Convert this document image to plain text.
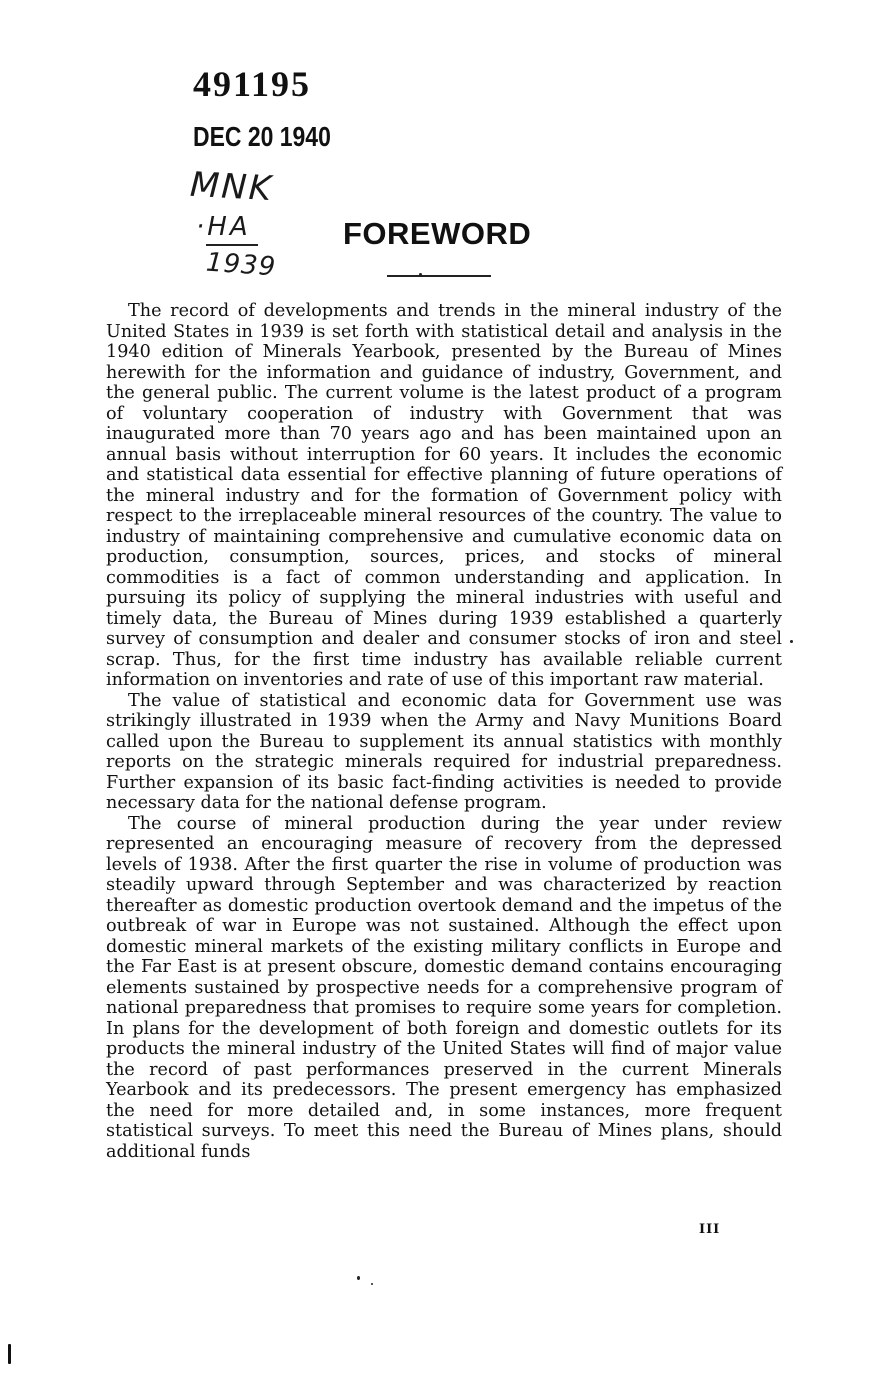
491195
DEC 20 1940
MNK
·HA
1939
FOREWORD

The record of developments and trends in the mineral industry of the United States in 1939 is set forth with statistical detail and analysis in the 1940 edition of Minerals Yearbook, presented by the Bureau of Mines herewith for the information and guidance of industry, Government, and the general public. The current volume is the latest product of a program of voluntary cooperation of industry with Government that was inaugurated more than 70 years ago and has been maintained upon an annual basis without interruption for 60 years. It includes the economic and statistical data essential for effective planning of future operations of the mineral industry and for the formation of Government policy with respect to the irreplaceable mineral resources of the country. The value to industry of maintaining comprehensive and cumulative economic data on production, consumption, sources, prices, and stocks of mineral commodities is a fact of common understanding and application. In pursuing its policy of supplying the mineral industries with useful and timely data, the Bureau of Mines during 1939 established a quarterly survey of consumption and dealer and consumer stocks of iron and steel scrap. Thus, for the first time industry has available reliable current information on inventories and rate of use of this important raw material.

The value of statistical and economic data for Government use was strikingly illustrated in 1939 when the Army and Navy Munitions Board called upon the Bureau to supplement its annual statistics with monthly reports on the strategic minerals required for industrial preparedness. Further expansion of its basic fact-finding activities is needed to provide necessary data for the national defense program.

The course of mineral production during the year under review represented an encouraging measure of recovery from the depressed levels of 1938. After the first quarter the rise in volume of production was steadily upward through September and was characterized by reaction thereafter as domestic production overtook demand and the impetus of the outbreak of war in Europe was not sustained. Although the effect upon domestic mineral markets of the existing military conflicts in Europe and the Far East is at present obscure, domestic demand contains encouraging elements sustained by prospective needs for a comprehensive program of national preparedness that promises to require some years for completion. In plans for the development of both foreign and domestic outlets for its products the mineral industry of the United States will find of major value the record of past performances preserved in the current Minerals Yearbook and its predecessors. The present emergency has emphasized the need for more detailed and, in some instances, more frequent statistical surveys. To meet this need the Bureau of Mines plans, should additional funds

III
